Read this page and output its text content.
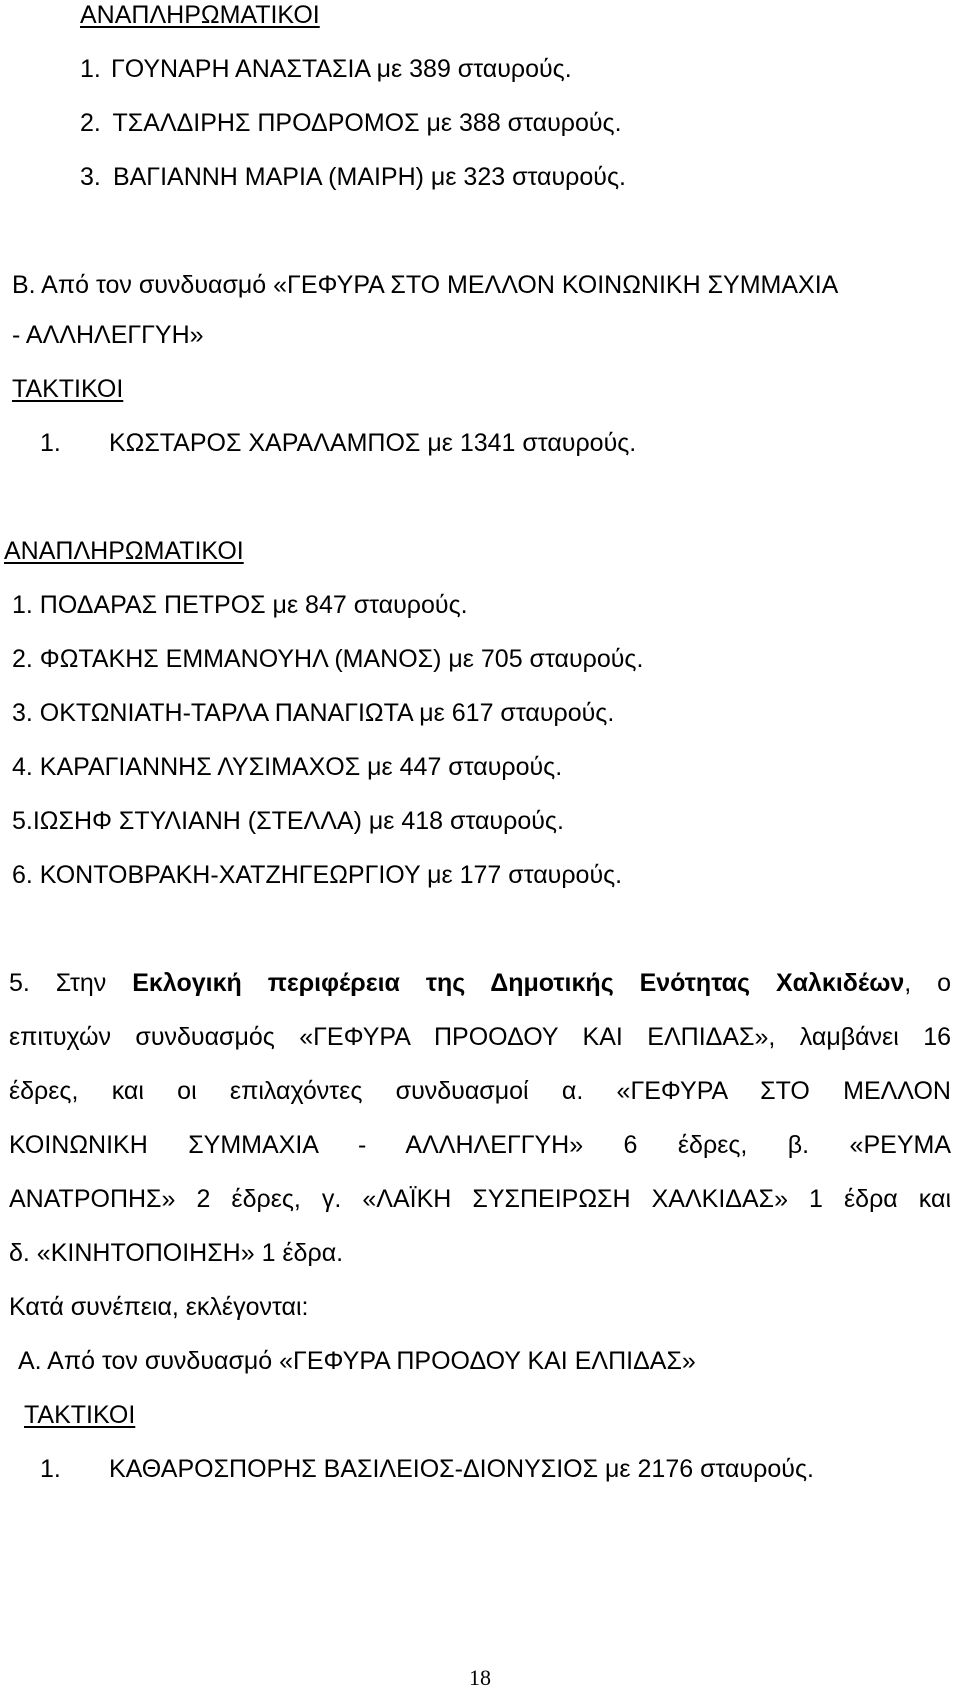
ΑΝΑΠΛΗΡΩΜΑΤΙΚΟΙ

1. ΓΟΥΝΑΡΗ ΑΝΑΣΤΑΣΙΑ με 389 σταυρούς.

2. ΤΣΑΛΔΙΡΗΣ ΠΡΟΔΡΟΜΟΣ με 388 σταυρούς.

3. ΒΑΓΙΑΝΝΗ ΜΑΡΙΑ (ΜΑΙΡΗ) με 323 σταυρούς.

Β. Από τον συνδυασμό «ΓΕΦΥΡΑ ΣΤΟ ΜΕΛΛΟΝ ΚΟΙΝΩΝΙΚΗ ΣΥΜΜΑΧΙΑ

- ΑΛΛΗΛΕΓΓΥΗ»

ΤΑΚΤΙΚΟΙ

1. ΚΩΣΤΑΡΟΣ ΧΑΡΑΛΑΜΠΟΣ με 1341 σταυρούς.

ΑΝΑΠΛΗΡΩΜΑΤΙΚΟΙ

1. ΠΟΔΑΡΑΣ ΠΕΤΡΟΣ με 847 σταυρούς.

2. ΦΩΤΑΚΗΣ ΕΜΜΑΝΟΥΗΛ (ΜΑΝΟΣ) με 705 σταυρούς.

3. ΟΚΤΩΝΙΑΤΗ-ΤΑΡΛΑ ΠΑΝΑΓΙΩΤΑ με 617 σταυρούς.

4. ΚΑΡΑΓΙΑΝΝΗΣ ΛΥΣΙΜΑΧΟΣ με 447 σταυρούς.

5.ΙΩΣΗΦ ΣΤΥΛΙΑΝΗ (ΣΤΕΛΛΑ) με 418 σταυρούς.

6. ΚΟΝΤΟΒΡΑΚΗ-ΧΑΤΖΗΓΕΩΡΓΙΟΥ με 177 σταυρούς.

5. Στην Εκλογική περιφέρεια της Δημοτικής Ενότητας Χαλκιδέων, ο
επιτυχών συνδυασμός «ΓΕΦΥΡΑ ΠΡΟΟΔΟΥ ΚΑΙ ΕΛΠΙΔΑΣ», λαμβάνει 16
έδρες, και οι επιλαχόντες συνδυασμοί α. «ΓΕΦΥΡΑ ΣΤΟ ΜΕΛΛΟΝ
ΚΟΙΝΩΝΙΚΗ ΣΥΜΜΑΧΙΑ - ΑΛΛΗΛΕΓΓΥΗ» 6 έδρες, β. «ΡΕΥΜΑ
ΑΝΑΤΡΟΠΗΣ» 2 έδρες, γ. «ΛΑΪΚΗ ΣΥΣΠΕΙΡΩΣΗ ΧΑΛΚΙΔΑΣ» 1 έδρα και

δ. «ΚΙΝΗΤΟΠΟΙΗΣΗ» 1 έδρα.

Κατά συνέπεια, εκλέγονται:

Α. Από τον συνδυασμό «ΓΕΦΥΡΑ ΠΡΟΟΔΟΥ ΚΑΙ ΕΛΠΙΔΑΣ»

ΤΑΚΤΙΚΟΙ

1. ΚΑΘΑΡΟΣΠΟΡΗΣ ΒΑΣΙΛΕΙΟΣ-ΔΙΟΝΥΣΙΟΣ με 2176 σταυρούς.

18
